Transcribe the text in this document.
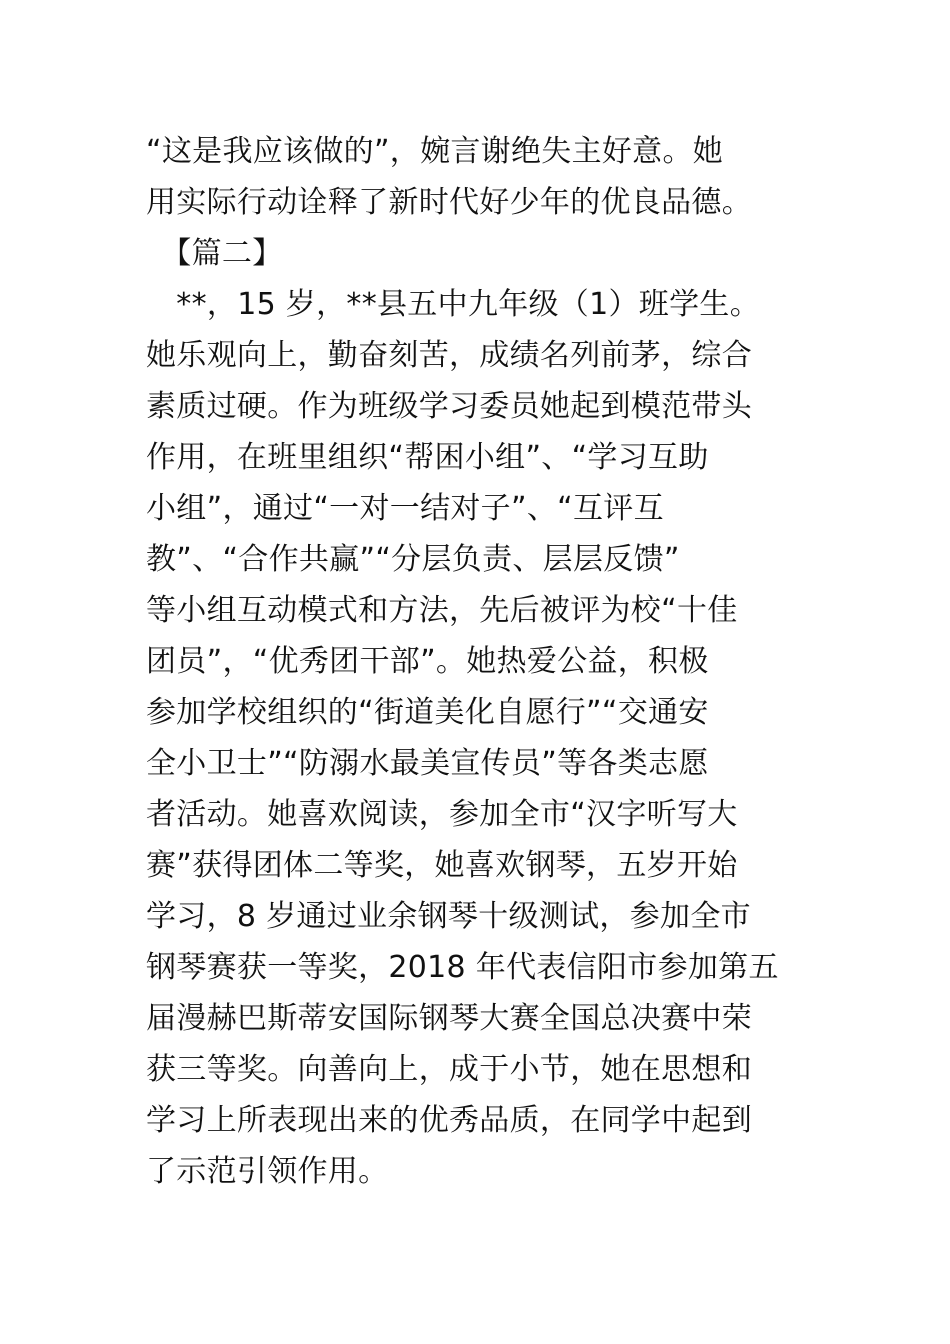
“这是我应该做的”，婉言谢绝失主好意。她
用实际行动诠释了新时代好少年的优良品德。
　【篇二】
　**，15 岁，**县五中九年级（1）班学生。
她乐观向上，勤奋刻苦，成绩名列前茅，综合
素质过硬。作为班级学习委员她起到模范带头
作用，在班里组织“帮困小组”、“学习互助
小组”，通过“一对一结对子”、“互评互
教”、“合作共赢”“分层负责、层层反馈”
等小组互动模式和方法，先后被评为校“十佳
团员”，“优秀团干部”。她热爱公益，积极
参加学校组织的“街道美化自愿行”“交通安
全小卫士”“防溺水最美宣传员”等各类志愿
者活动。她喜欢阅读，参加全市“汉字听写大
赛”获得团体二等奖，她喜欢钢琴，五岁开始
学习，8 岁通过业余钢琴十级测试，参加全市
钢琴赛获一等奖，2018 年代表信阳市参加第五
届漫赫巴斯蒂安国际钢琴大赛全国总决赛中荣
获三等奖。向善向上，成于小节，她在思想和
学习上所表现出来的优秀品质，在同学中起到
了示范引领作用。
